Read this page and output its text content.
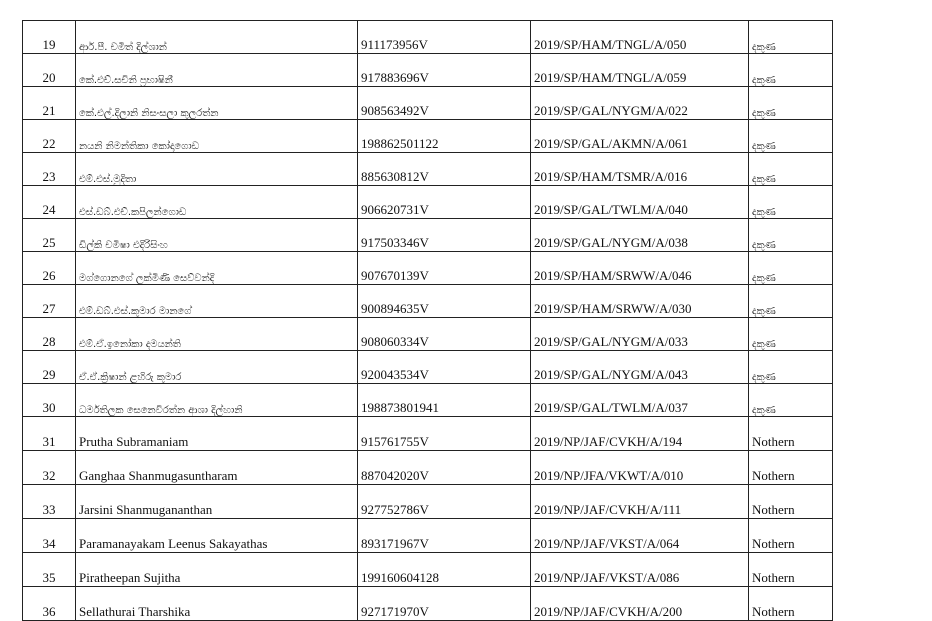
19	ආර්.පී. චමිත් දිල්ශාන්	911173956V	2019/SP/HAM/TNGL/A/050	දකුණ
20	කේ.එච්.සචිනි ප්‍රභාෂිනී	917883696V	2019/SP/HAM/TNGL/A/059	දකුණ
21	කේ.එල්.දිලානි නිසංසලා කුලරත්න	908563492V	2019/SP/GAL/NYGM/A/022	දකුණ
22	නයනි නිමන්තිකා කෝදාගොඩ	198862501122	2019/SP/GAL/AKMN/A/061	දකුණ
23	එම්.එස්.මුදිතා	885630812V	2019/SP/HAM/TSMR/A/016	දකුණ
24	එස්.ඩබ්.එච්.කපිලන්ගොඩ	906620731V	2019/SP/GAL/TWLM/A/040	දකුණ
25	ඩිල්කි චමිෂා එදිරිසිංහ	917503346V	2019/SP/GAL/NYGM/A/038	දකුණ
26	මග්ගොනගේ ලක්මිණි සෙව්වන්දි	907670139V	2019/SP/HAM/SRWW/A/046	දකුණ
27	එම්.ඩබ්.එස්.කුමාර මානගේ	900894635V	2019/SP/HAM/SRWW/A/030	දකුණ
28	එම්.ඒ.ඉනෝකා දමයන්ති	908060334V	2019/SP/GAL/NYGM/A/033	දකුණ
29	ඒ.ඒ.ක්‍රිෂාන් ළහිරු කුමාර	920043534V	2019/SP/GAL/NYGM/A/043	දකුණ
30	ධර්මතිලක සෙනෙවිරත්න ආශා දිල්හානි	198873801941	2019/SP/GAL/TWLM/A/037	දකුණ
31	Prutha Subramaniam	915761755V	2019/NP/JAF/CVKH/A/194	Nothern
32	Ganghaa Shanmugasuntharam	887042020V	2019/NP/JFA/VKWT/A/010	Nothern
33	Jarsini Shanmugananthan	927752786V	2019/NP/JAF/CVKH/A/111	Nothern
34	Paramanayakam Leenus Sakayathas	893171967V	2019/NP/JAF/VKST/A/064	Nothern
35	Piratheepan Sujitha	199160604128	2019/NP/JAF/VKST/A/086	Nothern
36	Sellathurai Tharshika	927171970V	2019/NP/JAF/CVKH/A/200	Nothern
